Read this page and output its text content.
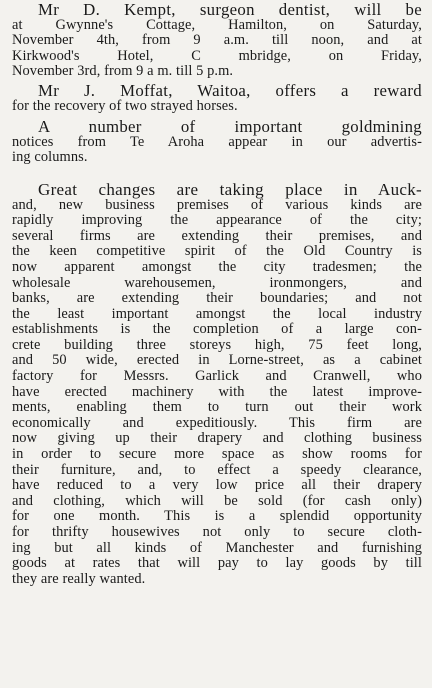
Mr D. Kempt, surgeon dentist, will be
at Gwynne's Cottage, Hamilton, on Saturday,
November 4th, from 9 a.m. till noon, and at
Kirkwood's Hotel, C mbridge, on Friday,
November 3rd, from 9 a m. till 5 p.m.

Mr J. Moffat, Waitoa, offers a reward
for the recovery of two strayed horses.

A number of important goldmining
notices from Te Aroha appear in our advertis-
ing columns.

Great changes are taking place in Auck-
and, new business premises of various kinds are
rapidly improving the appearance of the city;
several firms are extending their premises, and
the keen competitive spirit of the Old Country is
now apparent amongst the city tradesmen; the
wholesale warehousemen, ironmongers, and
banks, are extending their boundaries; and not
the least important amongst the local industry
establishments is the completion of a large con-
crete building three storeys high, 75 feet long,
and 50 wide, erected in Lorne-street, as a cabinet
factory for Messrs. Garlick and Cranwell, who
have erected machinery with the latest improve-
ments, enabling them to turn out their work
economically and expeditiously. This firm are
now giving up their drapery and clothing business
in order to secure more space as show rooms for
their furniture, and, to effect a speedy clearance,
have reduced to a very low price all their drapery
and clothing, which will be sold (for cash only)
for one month. This is a splendid opportunity
for thrifty housewives not only to secure cloth-
ing but all kinds of Manchester and furnishing
goods at rates that will pay to lay goods by till
they are really wanted.
